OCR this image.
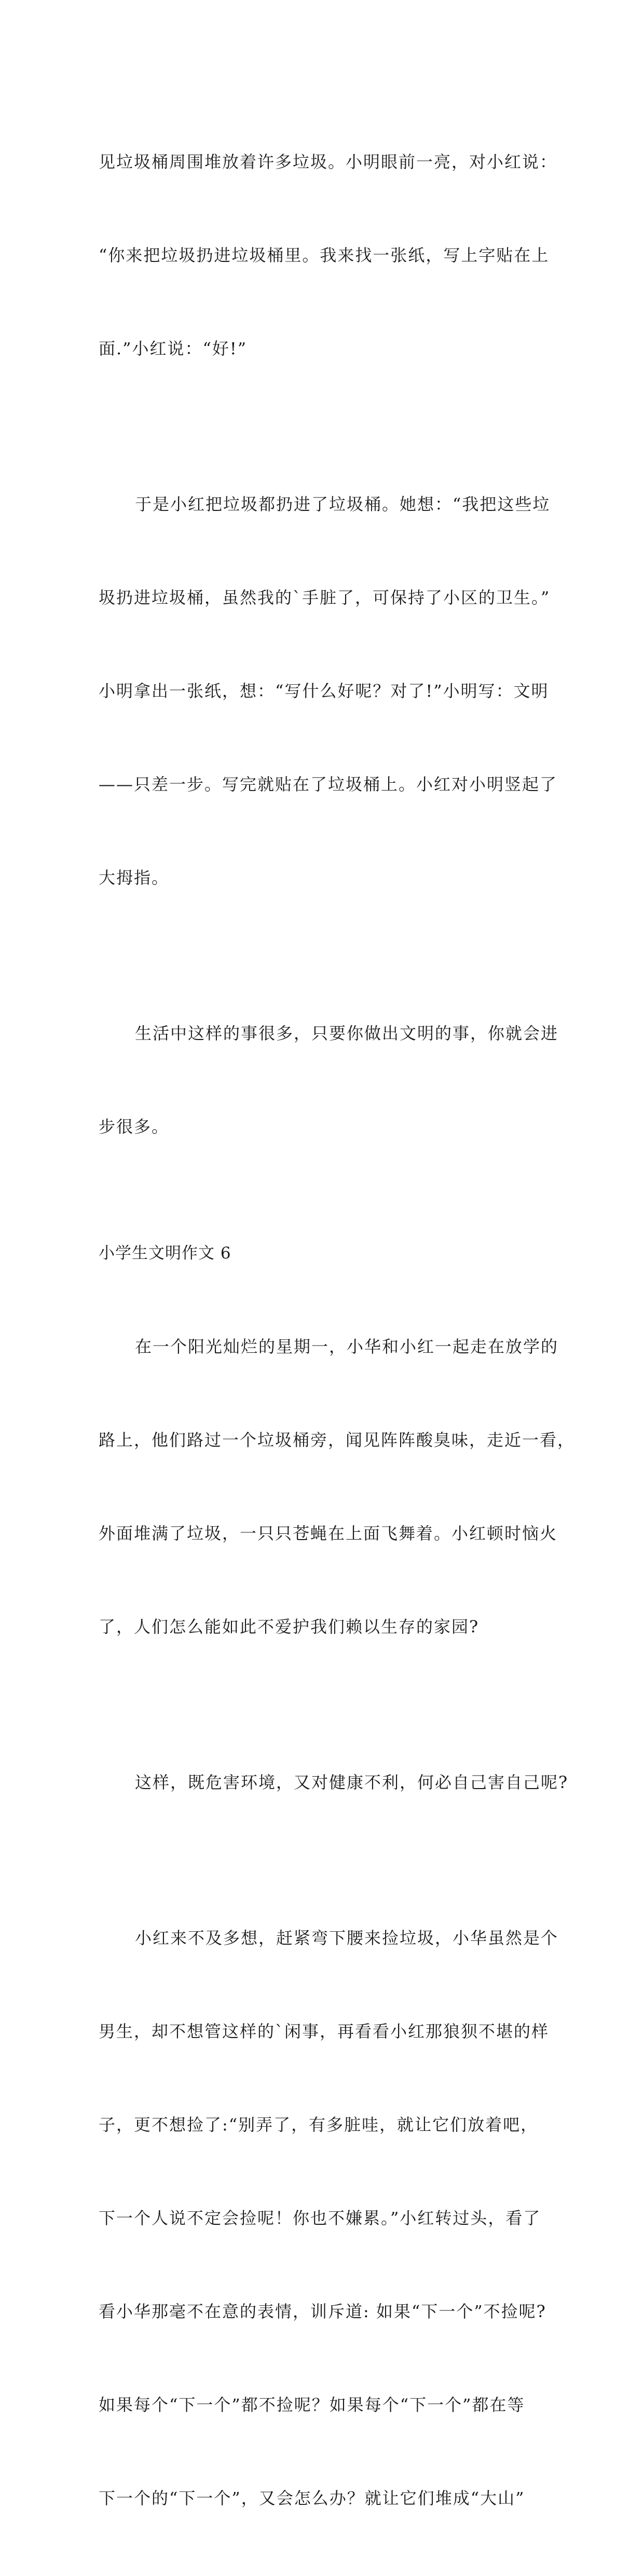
见垃圾桶周围堆放着许多垃圾。小明眼前一亮，对小红说：

“你来把垃圾扔进垃圾桶里。我来找一张纸，写上字贴在上

面.”小红说：“好!”

于是小红把垃圾都扔进了垃圾桶。她想：“我把这些垃

圾扔进垃圾桶，虽然我的`手脏了，可保持了小区的卫生。”

小明拿出一张纸，想：“写什么好呢？对了!”小明写：文明

——只差一步。写完就贴在了垃圾桶上。小红对小明竖起了

大拇指。

生活中这样的事很多，只要你做出文明的事，你就会进

步很多。

小学生文明作文 6

在一个阳光灿烂的星期一，小华和小红一起走在放学的

路上，他们路过一个垃圾桶旁，闻见阵阵酸臭味，走近一看，

外面堆满了垃圾，一只只苍蝇在上面飞舞着。小红顿时恼火

了，人们怎么能如此不爱护我们赖以生存的家园?

这样，既危害环境，又对健康不利，何必自己害自己呢?

小红来不及多想，赶紧弯下腰来捡垃圾，小华虽然是个

男生，却不想管这样的`闲事，再看看小红那狼狈不堪的样

子，更不想捡了:“别弄了，有多脏哇，就让它们放着吧，

下一个人说不定会捡呢！你也不嫌累。”小红转过头，看了

看小华那毫不在意的表情，训斥道: 如果“下一个”不捡呢?

如果每个“下一个”都不捡呢？如果每个“下一个”都在等

下一个的“下一个”，又会怎么办？就让它们堆成“大山”
